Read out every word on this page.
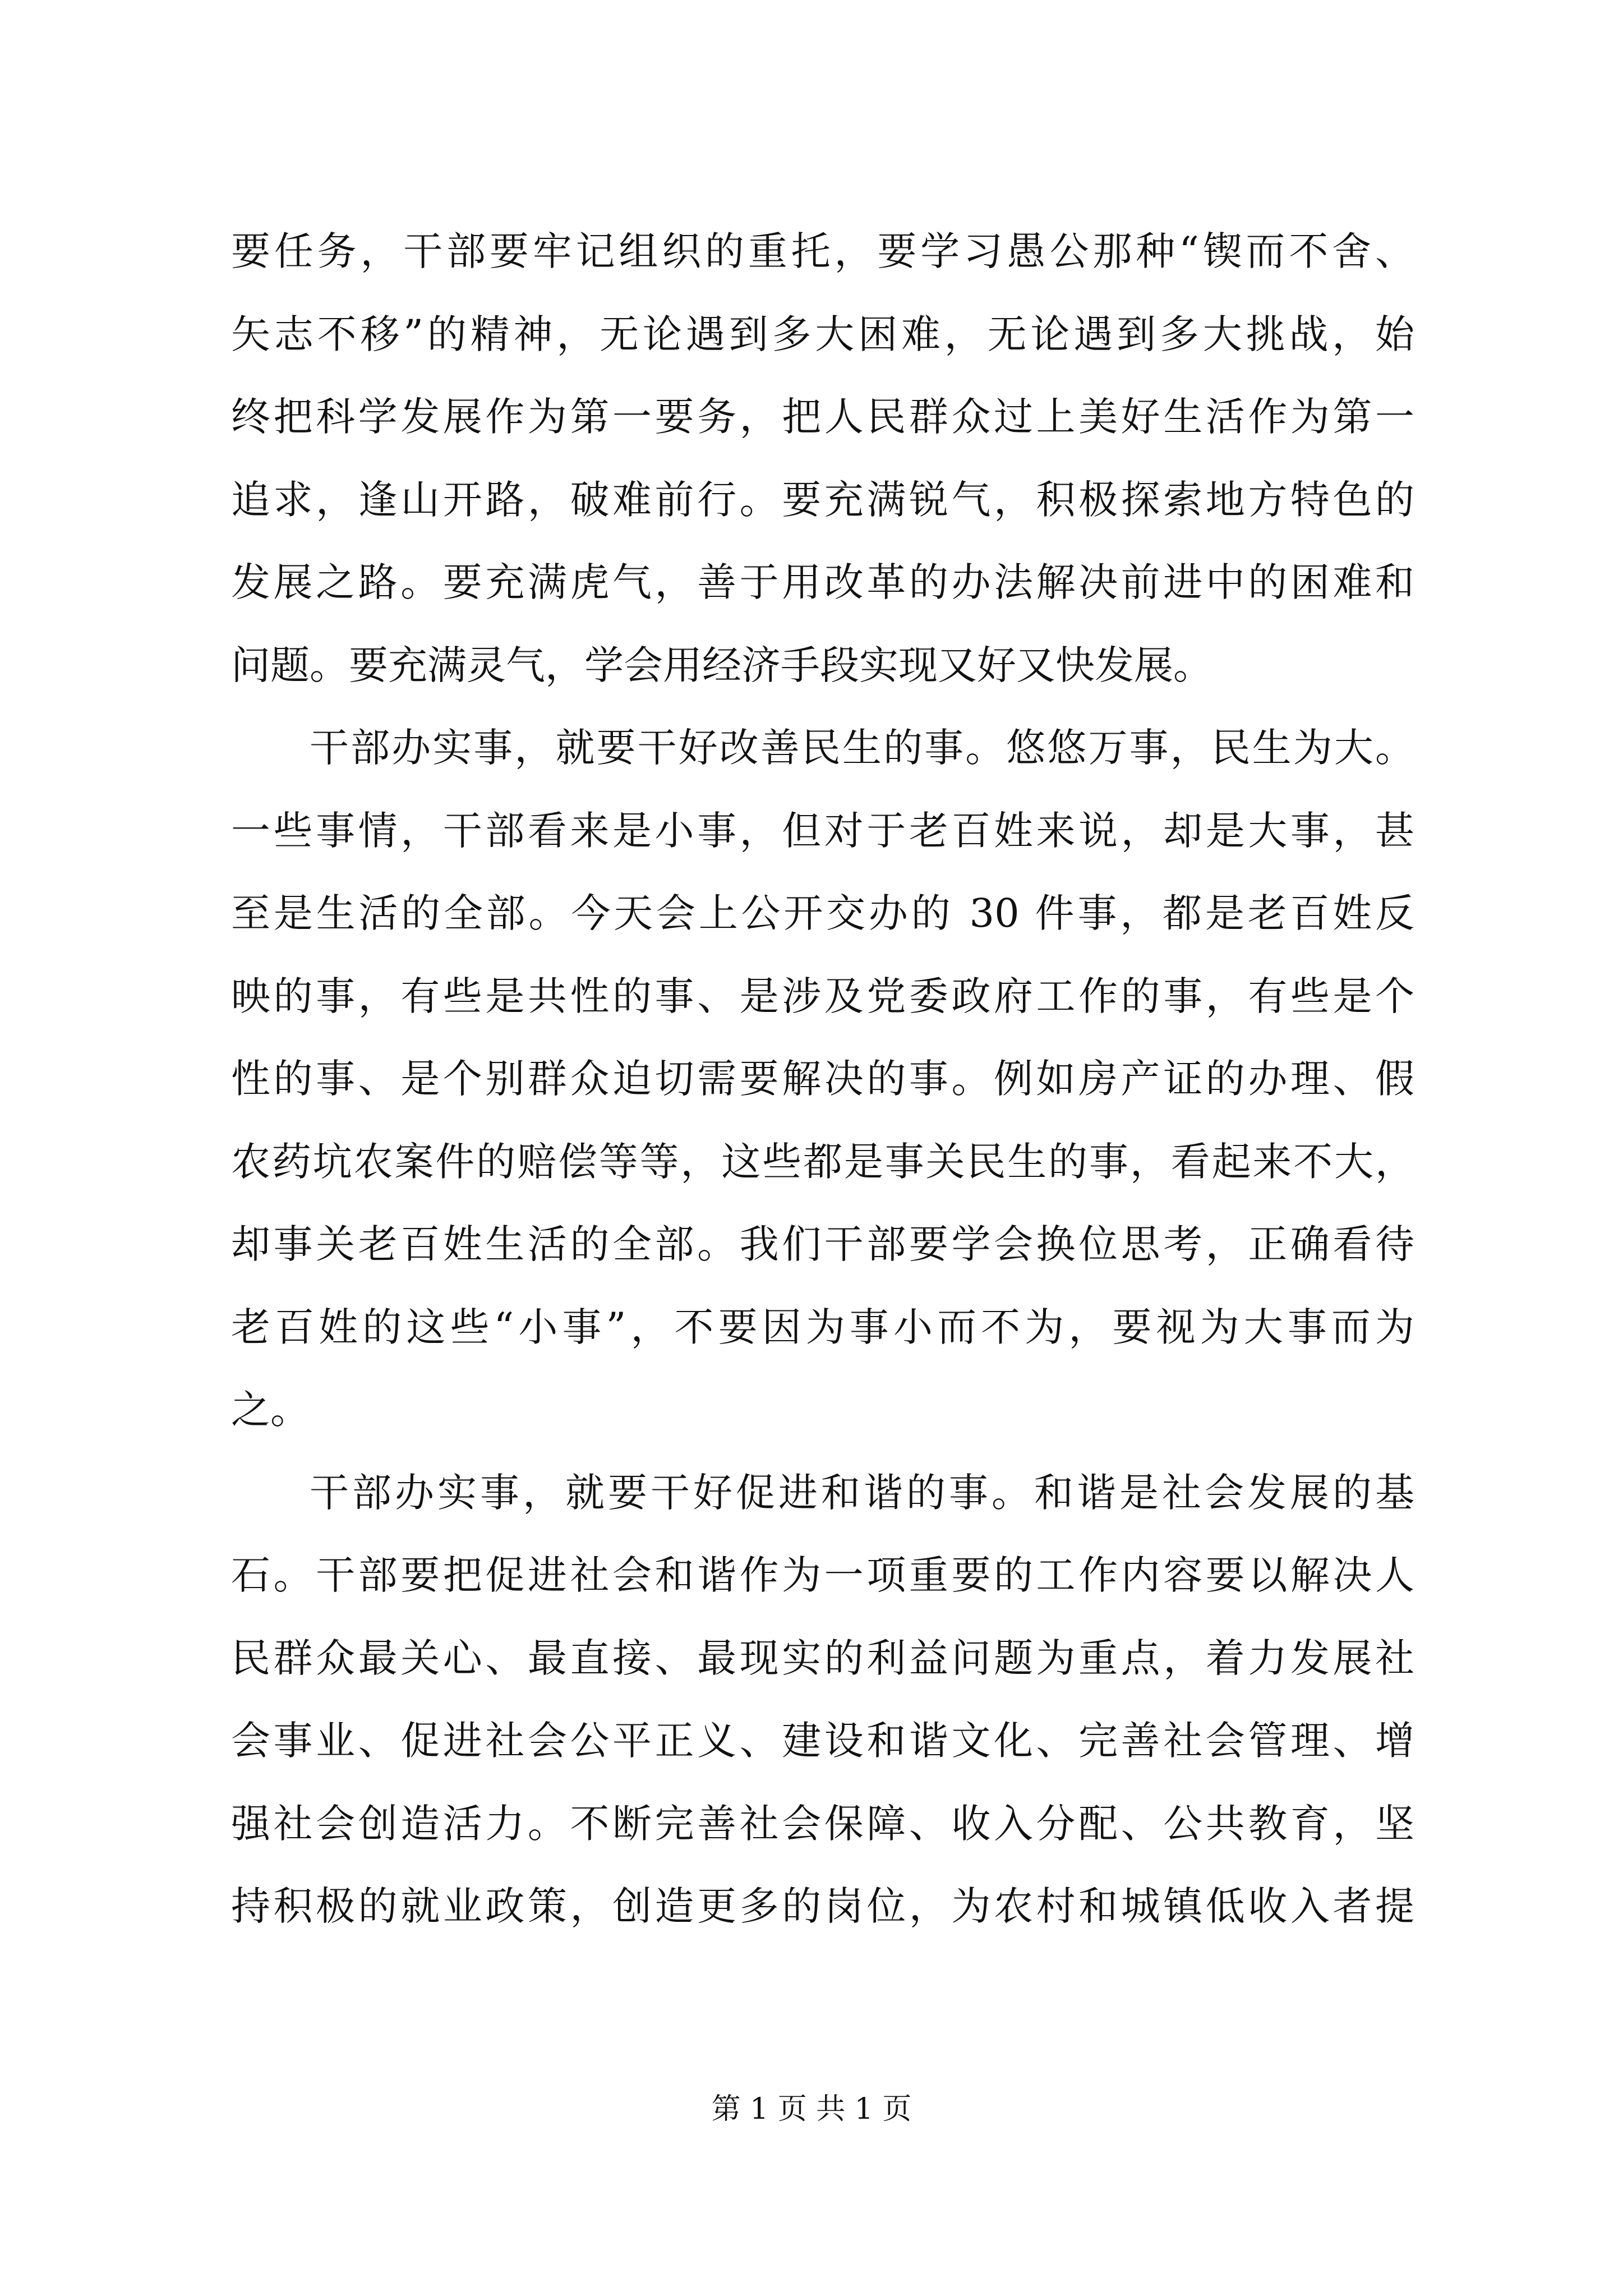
要任务，干部要牢记组织的重托，要学习愚公那种“锲而不舍、
矢志不移”的精神，无论遇到多大困难，无论遇到多大挑战，始
终把科学发展作为第一要务，把人民群众过上美好生活作为第一
追求，逢山开路，破难前行。要充满锐气，积极探索地方特色的
发展之路。要充满虎气，善于用改革的办法解决前进中的困难和
问题。要充满灵气，学会用经济手段实现又好又快发展。
干部办实事，就要干好改善民生的事。悠悠万事，民生为大。
一些事情，干部看来是小事，但对于老百姓来说，却是大事，甚
至是生活的全部。今天会上公开交办的 30 件事，都是老百姓反
映的事，有些是共性的事、是涉及党委政府工作的事，有些是个
性的事、是个别群众迫切需要解决的事。例如房产证的办理、假
农药坑农案件的赔偿等等，这些都是事关民生的事，看起来不大，
却事关老百姓生活的全部。我们干部要学会换位思考，正确看待
老百姓的这些“小事”，不要因为事小而不为，要视为大事而为
之。
干部办实事，就要干好促进和谐的事。和谐是社会发展的基
石。干部要把促进社会和谐作为一项重要的工作内容要以解决人
民群众最关心、最直接、最现实的利益问题为重点，着力发展社
会事业、促进社会公平正义、建设和谐文化、完善社会管理、增
强社会创造活力。不断完善社会保障、收入分配、公共教育，坚
持积极的就业政策，创造更多的岗位，为农村和城镇低收入者提
第 1 页 共 1 页
